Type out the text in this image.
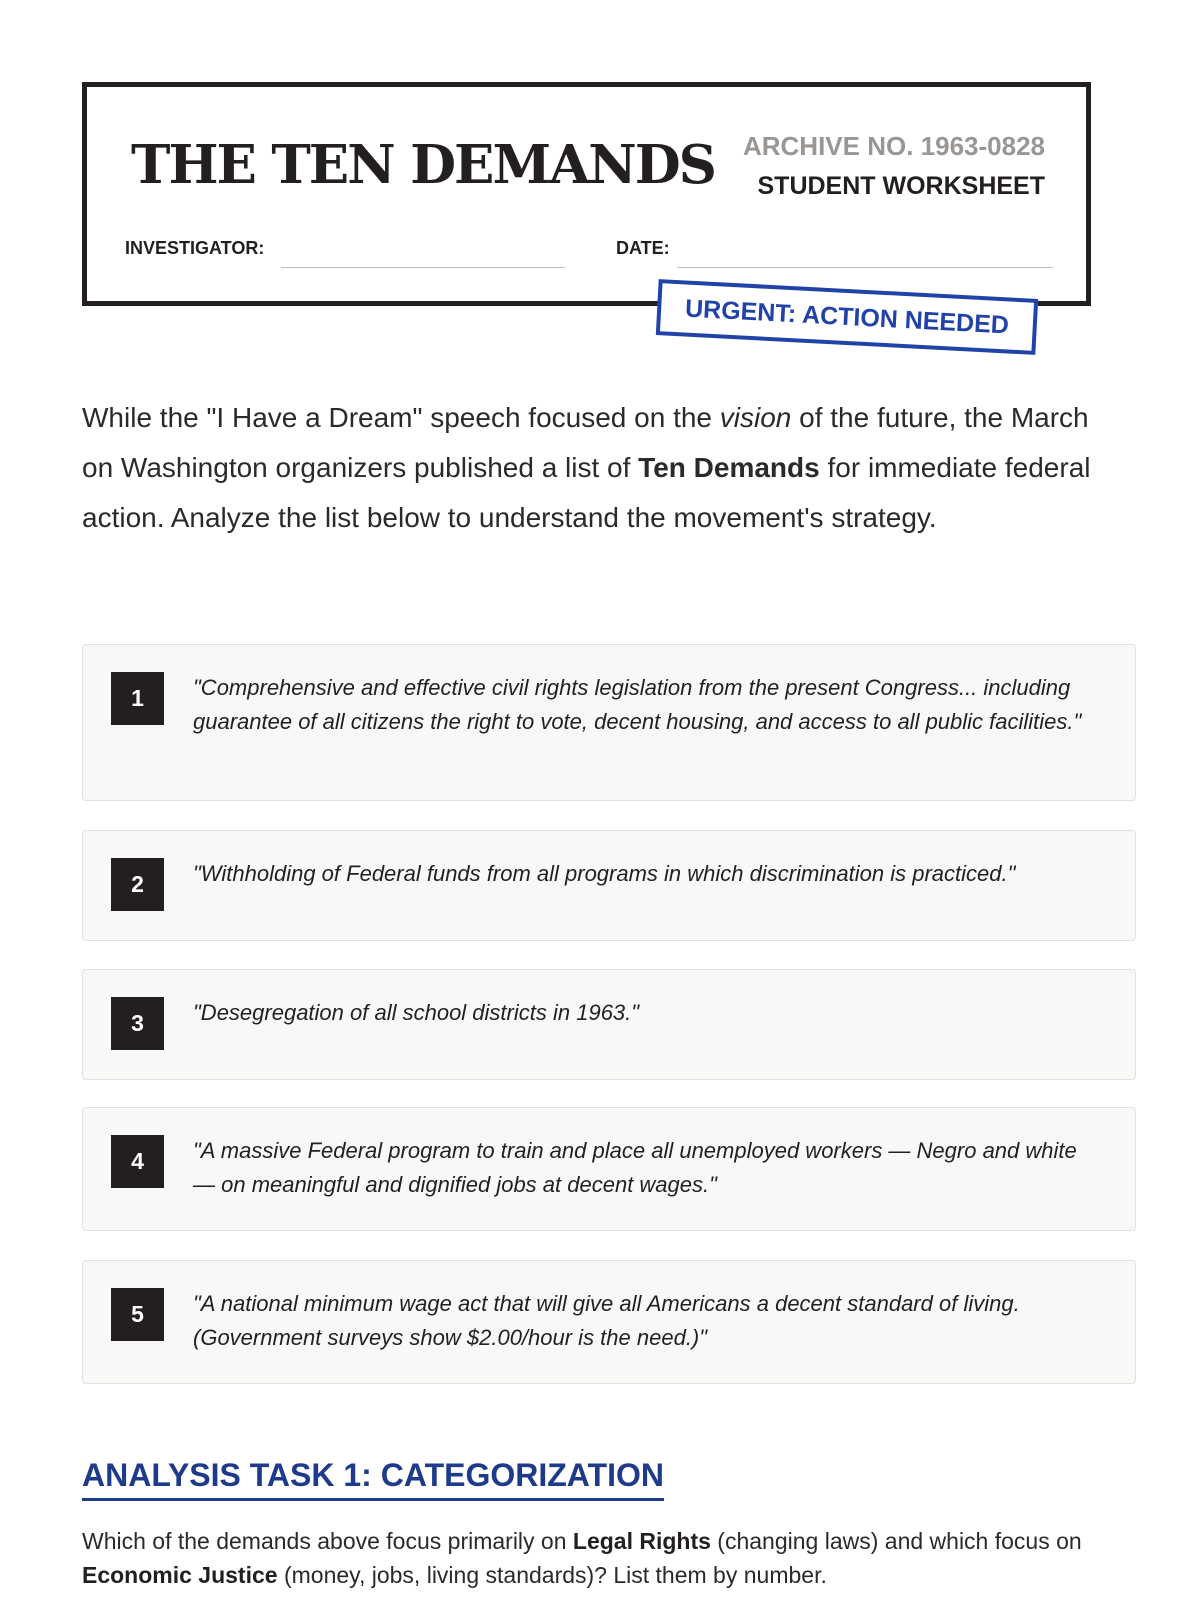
THE TEN DEMANDS ARCHIVE NO. 1963-0828
STUDENT WORKSHEET
INVESTIGATOR:	DATE:
URGENT: ACTION NEEDED

While the "I Have a Dream" speech focused on the vision of the future, the March on Washington organizers published a list of Ten Demands for immediate federal action. Analyze the list below to understand the movement's strategy.

1	"Comprehensive and effective civil rights legislation from the present Congress... including guarantee of all citizens the right to vote, decent housing, and access to all public facilities."
2	"Withholding of Federal funds from all programs in which discrimination is practiced."
3	"Desegregation of all school districts in 1963."
4	"A massive Federal program to train and place all unemployed workers — Negro and white — on meaningful and dignified jobs at decent wages."
5	"A national minimum wage act that will give all Americans a decent standard of living. (Government surveys show $2.00/hour is the need.)"
ANALYSIS TASK 1: CATEGORIZATION

Which of the demands above focus primarily on Legal Rights (changing laws) and which focus on Economic Justice (money, jobs, living standards)? List them by number.
